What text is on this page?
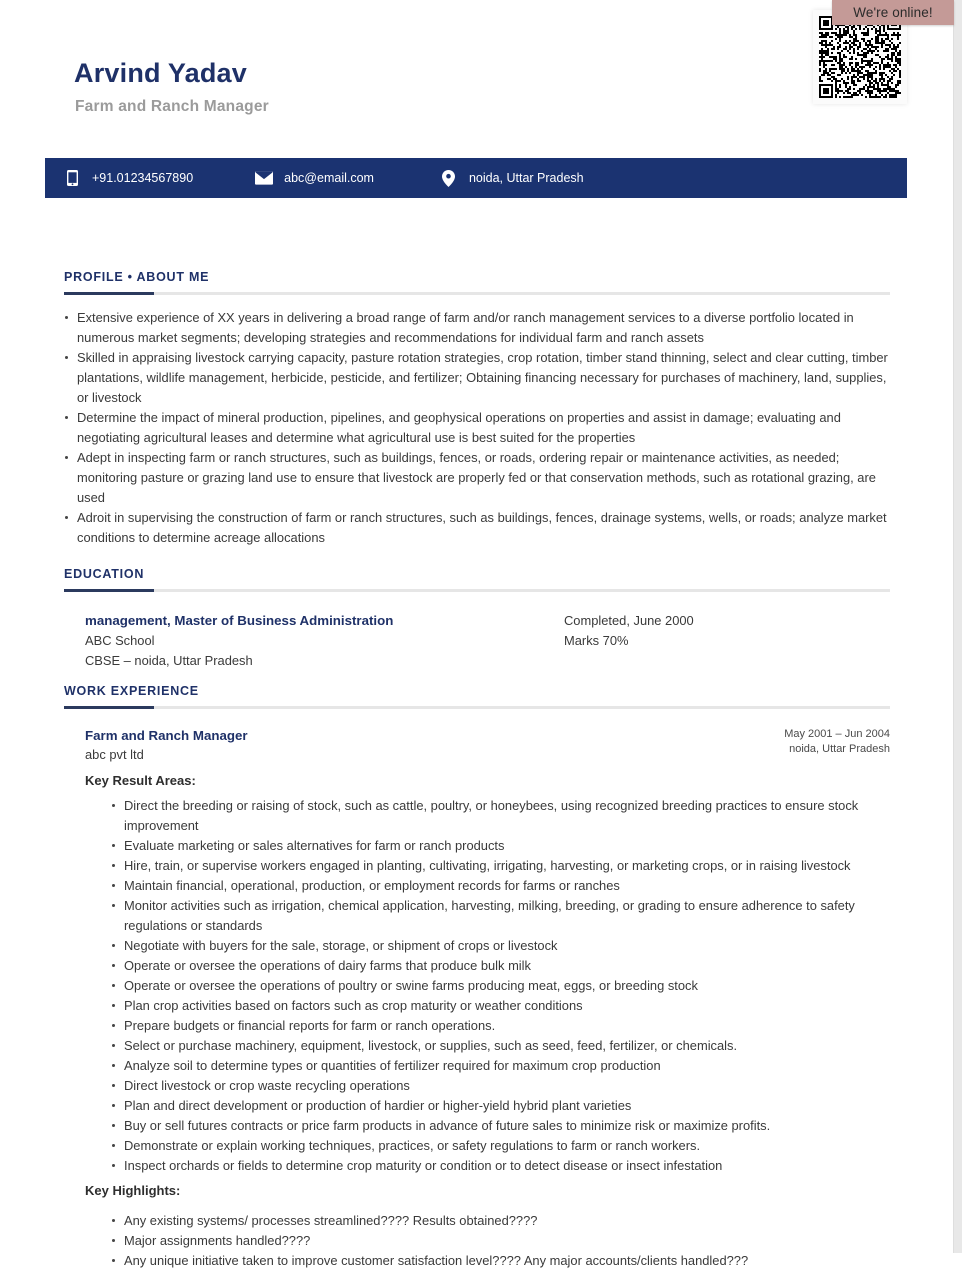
Arvind Yadav
Farm and Ranch Manager
+91.01234567890	abc@email.com	noida, Uttar Pradesh
PROFILE • ABOUT ME
Extensive experience of XX years in delivering a broad range of farm and/or ranch management services to a diverse portfolio located in numerous market segments; developing strategies and recommendations for individual farm and ranch assets
Skilled in appraising livestock carrying capacity, pasture rotation strategies, crop rotation, timber stand thinning, select and clear cutting, timber plantations, wildlife management, herbicide, pesticide, and fertilizer; Obtaining financing necessary for purchases of machinery, land, supplies, or livestock
Determine the impact of mineral production, pipelines, and geophysical operations on properties and assist in damage; evaluating and negotiating agricultural leases and determine what agricultural use is best suited for the properties
Adept in inspecting farm or ranch structures, such as buildings, fences, or roads, ordering repair or maintenance activities, as needed; monitoring pasture or grazing land use to ensure that livestock are properly fed or that conservation methods, such as rotational grazing, are used
Adroit in supervising the construction of farm or ranch structures, such as buildings, fences, drainage systems, wells, or roads; analyze market conditions to determine acreage allocations
EDUCATION
management, Master of Business Administration
ABC School
CBSE – noida, Uttar Pradesh
Completed, June 2000
Marks 70%
WORK EXPERIENCE
Farm and Ranch Manager
abc pvt ltd
May 2001 – Jun 2004
noida, Uttar Pradesh
Key Result Areas:
Direct the breeding or raising of stock, such as cattle, poultry, or honeybees, using recognized breeding practices to ensure stock improvement
Evaluate marketing or sales alternatives for farm or ranch products
Hire, train, or supervise workers engaged in planting, cultivating, irrigating, harvesting, or marketing crops, or in raising livestock
Maintain financial, operational, production, or employment records for farms or ranches
Monitor activities such as irrigation, chemical application, harvesting, milking, breeding, or grading to ensure adherence to safety regulations or standards
Negotiate with buyers for the sale, storage, or shipment of crops or livestock
Operate or oversee the operations of dairy farms that produce bulk milk
Operate or oversee the operations of poultry or swine farms producing meat, eggs, or breeding stock
Plan crop activities based on factors such as crop maturity or weather conditions
Prepare budgets or financial reports for farm or ranch operations.
Select or purchase machinery, equipment, livestock, or supplies, such as seed, feed, fertilizer, or chemicals.
Analyze soil to determine types or quantities of fertilizer required for maximum crop production
Direct livestock or crop waste recycling operations
Plan and direct development or production of hardier or higher-yield hybrid plant varieties
Buy or sell futures contracts or price farm products in advance of future sales to minimize risk or maximize profits.
Demonstrate or explain working techniques, practices, or safety regulations to farm or ranch workers.
Inspect orchards or fields to determine crop maturity or condition or to detect disease or insect infestation
Key Highlights:
Any existing systems/ processes streamlined???? Results obtained????
Major assignments handled????
Any unique initiative taken to improve customer satisfaction level???? Any major accounts/clients handled???
We're online!
